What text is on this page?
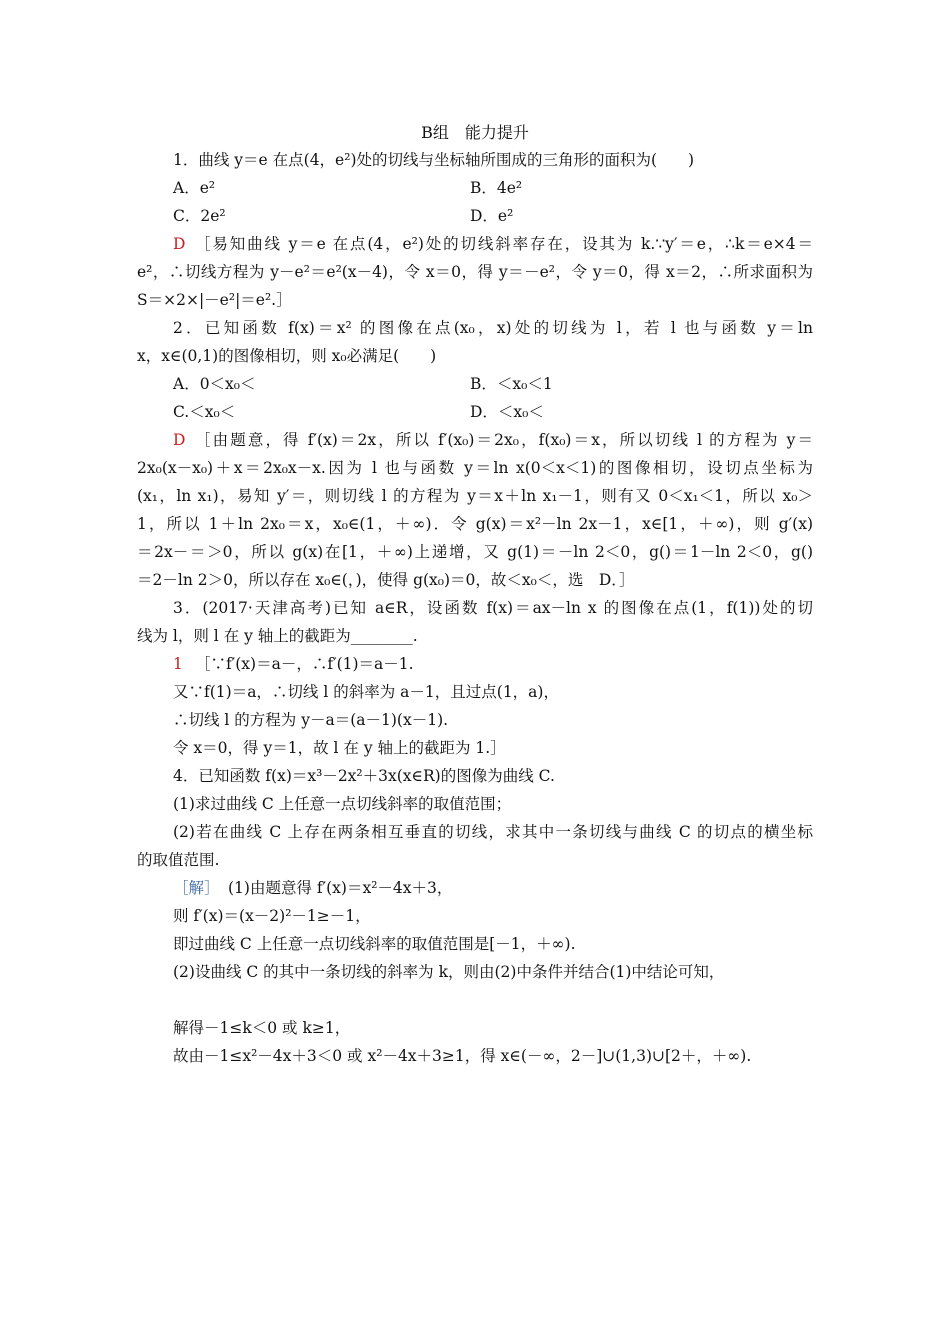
B组　能力提升
1．曲线 y＝e 在点(4，e²)处的切线与坐标轴所围成的三角形的面积为(　　)
A．e²	B．4e²
C．2e²	D．e²
D ［易知曲线 y＝e 在点(4，e²)处的切线斜率存在，设其为 k.∵y′＝e，∴k＝e×4＝
e²，∴切线方程为 y－e²＝e²(x－4)，令 x＝0，得 y＝－e²，令 y＝0，得 x＝2，∴所求面积为
S＝×2×|－e²|＝e².］
2．已知函数 f(x)＝x² 的图像在点(x₀，x)处的切线为 l，若 l 也与函数 y＝ln
x，x∈(0,1)的图像相切，则 x₀必满足(　　)
A．0＜x₀＜	B．＜x₀＜1
C.＜x₀＜	D．＜x₀＜
D ［由题意，得 f′(x)＝2x，所以 f′(x₀)＝2x₀，f(x₀)＝x，所以切线 l 的方程为 y＝
2x₀(x－x₀)＋x＝2x₀x－x.因为 l 也与函数 y＝ln x(0＜x＜1)的图像相切，设切点坐标为
(x₁，ln x₁)，易知 y′＝，则切线 l 的方程为 y＝x＋ln x₁－1，则有又 0＜x₁＜1，所以 x₀＞
1，所以 1＋ln 2x₀＝x，x₀∈(1，＋∞)．令 g(x)＝x²－ln 2x－1，x∈[1，＋∞)，则 g′(x)
＝2x－＝＞0，所以 g(x)在[1，＋∞)上递增，又 g(1)＝－ln 2＜0，g()＝1－ln 2＜0，g()
＝2－ln 2＞0，所以存在 x₀∈(，)，使得 g(x₀)＝0，故＜x₀＜，选　D．］
3．(2017·天津高考)已知 a∈R，设函数 f(x)＝ax－ln x 的图像在点(1，f(1))处的切
线为 l，则 l 在 y 轴上的截距为________.
1 ［∵f′(x)＝a－，∴f′(1)＝a－1.
又∵f(1)＝a，∴切线 l 的斜率为 a－1，且过点(1，a)，
∴切线 l 的方程为 y－a＝(a－1)(x－1).
令 x＝0，得 y＝1，故 l 在 y 轴上的截距为 1.］
4．已知函数 f(x)＝x³－2x²＋3x(x∈R)的图像为曲线 C.
(1)求过曲线 C 上任意一点切线斜率的取值范围；
(2)若在曲线 C 上存在两条相互垂直的切线，求其中一条切线与曲线 C 的切点的横坐标
的取值范围.
［解］ (1)由题意得 f′(x)＝x²－4x＋3，
则 f′(x)＝(x－2)²－1≥－1，
即过曲线 C 上任意一点切线斜率的取值范围是[－1，＋∞).
(2)设曲线 C 的其中一条切线的斜率为 k，则由(2)中条件并结合(1)中结论可知，
解得－1≤k＜0 或 k≥1，
故由－1≤x²－4x＋3＜0 或 x²－4x＋3≥1，得 x∈(－∞，2－]∪(1,3)∪[2＋，＋∞).
